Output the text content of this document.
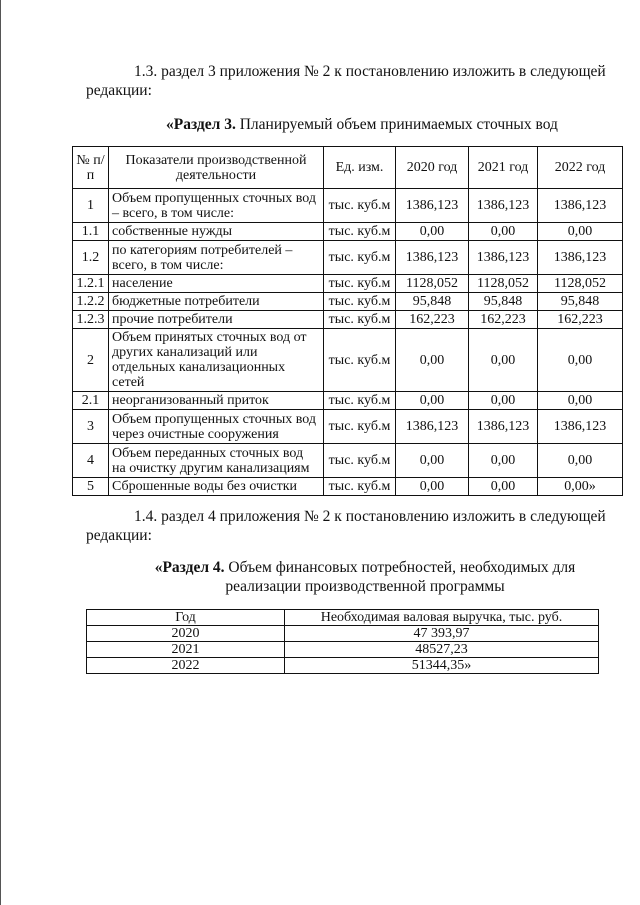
1.3. раздел 3 приложения № 2 к постановлению изложить в следующей
редакции:
«Раздел 3. Планируемый объем принимаемых сточных вод
№ п/п	Показатели производственной деятельности	Ед. изм.	2020 год	2021 год	2022 год
1	Объем пропущенных сточных вод – всего, в том числе:	тыс. куб.м	1386,123	1386,123	1386,123
1.1	собственные нужды	тыс. куб.м	0,00	0,00	0,00
1.2	по категориям потребителей – всего, в том числе:	тыс. куб.м	1386,123	1386,123	1386,123
1.2.1	население	тыс. куб.м	1128,052	1128,052	1128,052
1.2.2	бюджетные потребители	тыс. куб.м	95,848	95,848	95,848
1.2.3	прочие потребители	тыс. куб.м	162,223	162,223	162,223
2	Объем принятых сточных вод от других канализаций или отдельных канализационных сетей	тыс. куб.м	0,00	0,00	0,00
2.1	неорганизованный приток	тыс. куб.м	0,00	0,00	0,00
3	Объем пропущенных сточных вод через очистные сооружения	тыс. куб.м	1386,123	1386,123	1386,123
4	Объем переданных сточных вод на очистку другим канализациям	тыс. куб.м	0,00	0,00	0,00
5	Сброшенные воды без очистки	тыс. куб.м	0,00	0,00	0,00»
1.4. раздел 4 приложения № 2 к постановлению изложить в следующей
редакции:
«Раздел 4. Объем финансовых потребностей, необходимых для
реализации производственной программы
Год	Необходимая валовая выручка, тыс. руб.
2020	47 393,97
2021	48527,23
2022	51344,35»
